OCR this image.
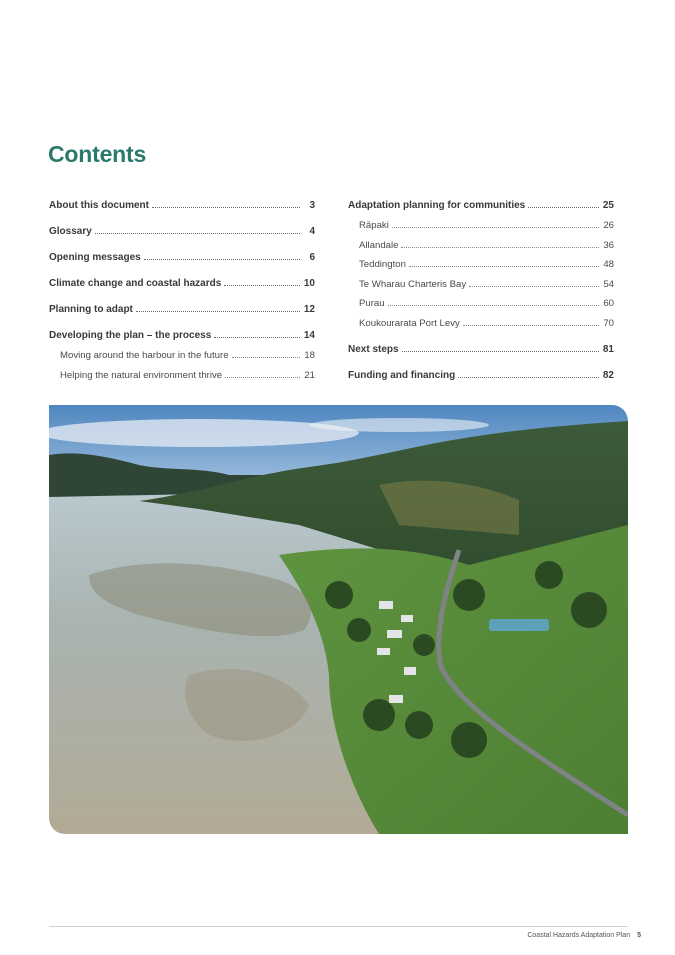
Contents
About this document	3
Glossary	4
Opening messages	6
Climate change and coastal hazards	10
Planning to adapt	12
Developing the plan – the process	14
Moving around the harbour in the future	18
Helping the natural environment thrive	21
Adaptation planning for communities	25
Rāpaki	26
Allandale	36
Teddington	48
Te Wharau Charteris Bay	54
Purau	60
Koukourarata Port Levy	70
Next steps	81
Funding and financing	82
Coastal Hazards Adaptation Plan 5
